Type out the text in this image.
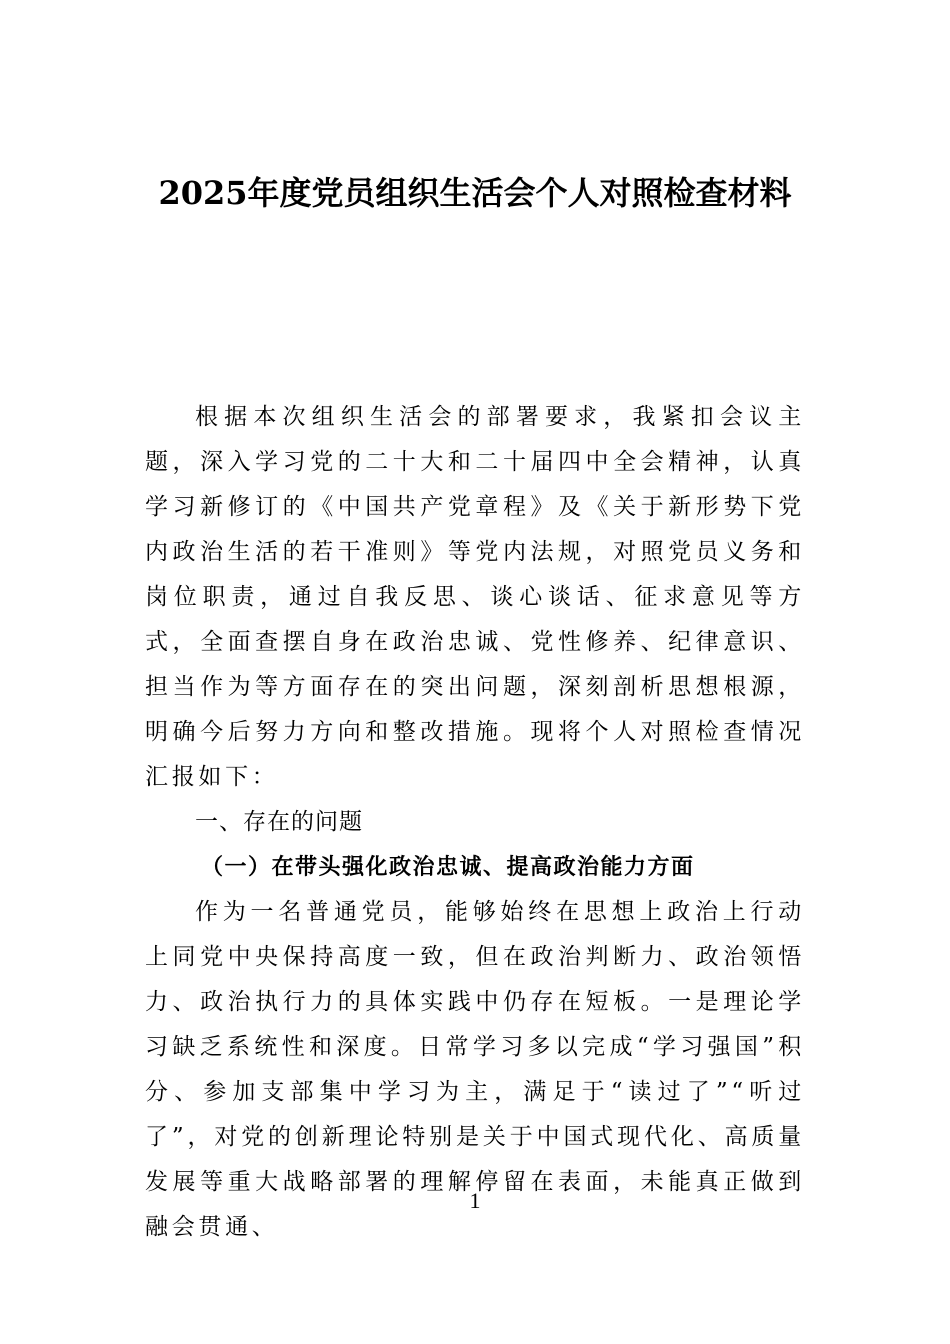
2025年度党员组织生活会个人对照检查材料

根据本次组织生活会的部署要求，我紧扣会议主题，深入学习党的二十大和二十届四中全会精神，认真学习新修订的《中国共产党章程》及《关于新形势下党内政治生活的若干准则》等党内法规，对照党员义务和岗位职责，通过自我反思、谈心谈话、征求意见等方式，全面查摆自身在政治忠诚、党性修养、纪律意识、担当作为等方面存在的突出问题，深刻剖析思想根源，明确今后努力方向和整改措施。现将个人对照检查情况汇报如下：

一、存在的问题

（一）在带头强化政治忠诚、提高政治能力方面

作为一名普通党员，能够始终在思想上政治上行动上同党中央保持高度一致，但在政治判断力、政治领悟力、政治执行力的具体实践中仍存在短板。一是理论学习缺乏系统性和深度。日常学习多以完成“学习强国”积分、参加支部集中学习为主，满足于“读过了”“听过了”，对党的创新理论特别是关于中国式现代化、高质量发展等重大战略部署的理解停留在表面，未能真正做到融会贯通、

1
